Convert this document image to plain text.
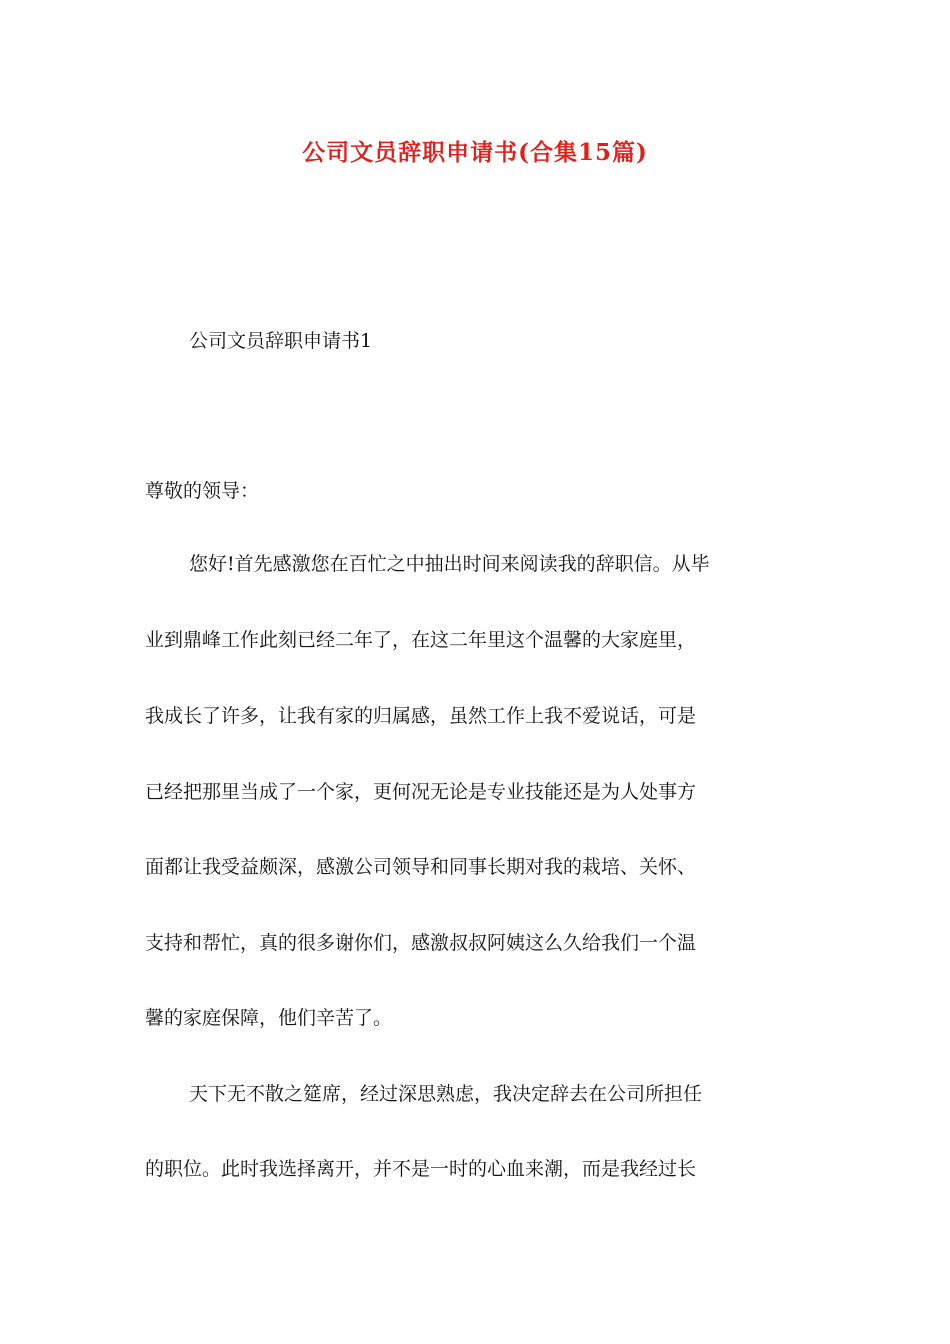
公司文员辞职申请书(合集15篇)
公司文员辞职申请书1
尊敬的领导：
您好!首先感激您在百忙之中抽出时间来阅读我的辞职信。从毕
业到鼎峰工作此刻已经二年了，在这二年里这个温馨的大家庭里，
我成长了许多，让我有家的归属感，虽然工作上我不爱说话，可是
已经把那里当成了一个家，更何况无论是专业技能还是为人处事方
面都让我受益颇深，感激公司领导和同事长期对我的栽培、关怀、
支持和帮忙，真的很多谢你们，感激叔叔阿姨这么久给我们一个温
馨的家庭保障，他们辛苦了。
天下无不散之筵席，经过深思熟虑，我决定辞去在公司所担任
的职位。此时我选择离开，并不是一时的心血来潮，而是我经过长
